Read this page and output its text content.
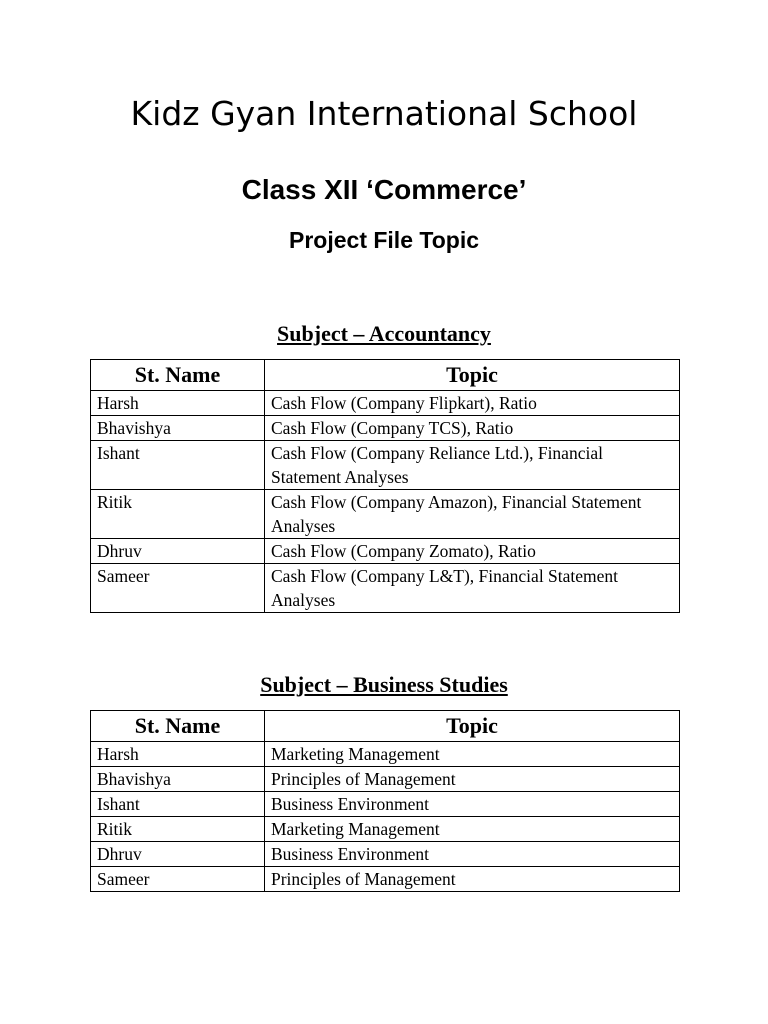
Kidz Gyan International School
Class XII ‘Commerce’
Project File Topic
Subject – Accountancy
St. Name	Topic
Harsh	Cash Flow (Company Flipkart), Ratio
Bhavishya	Cash Flow (Company TCS), Ratio
Ishant	Cash Flow (Company Reliance Ltd.), Financial Statement Analyses
Ritik	Cash Flow (Company Amazon), Financial Statement Analyses
Dhruv	Cash Flow (Company Zomato), Ratio
Sameer	Cash Flow (Company L&T), Financial Statement Analyses
Subject – Business Studies
St. Name	Topic
Harsh	Marketing Management
Bhavishya	Principles of Management
Ishant	Business Environment
Ritik	Marketing Management
Dhruv	Business Environment
Sameer	Principles of Management
